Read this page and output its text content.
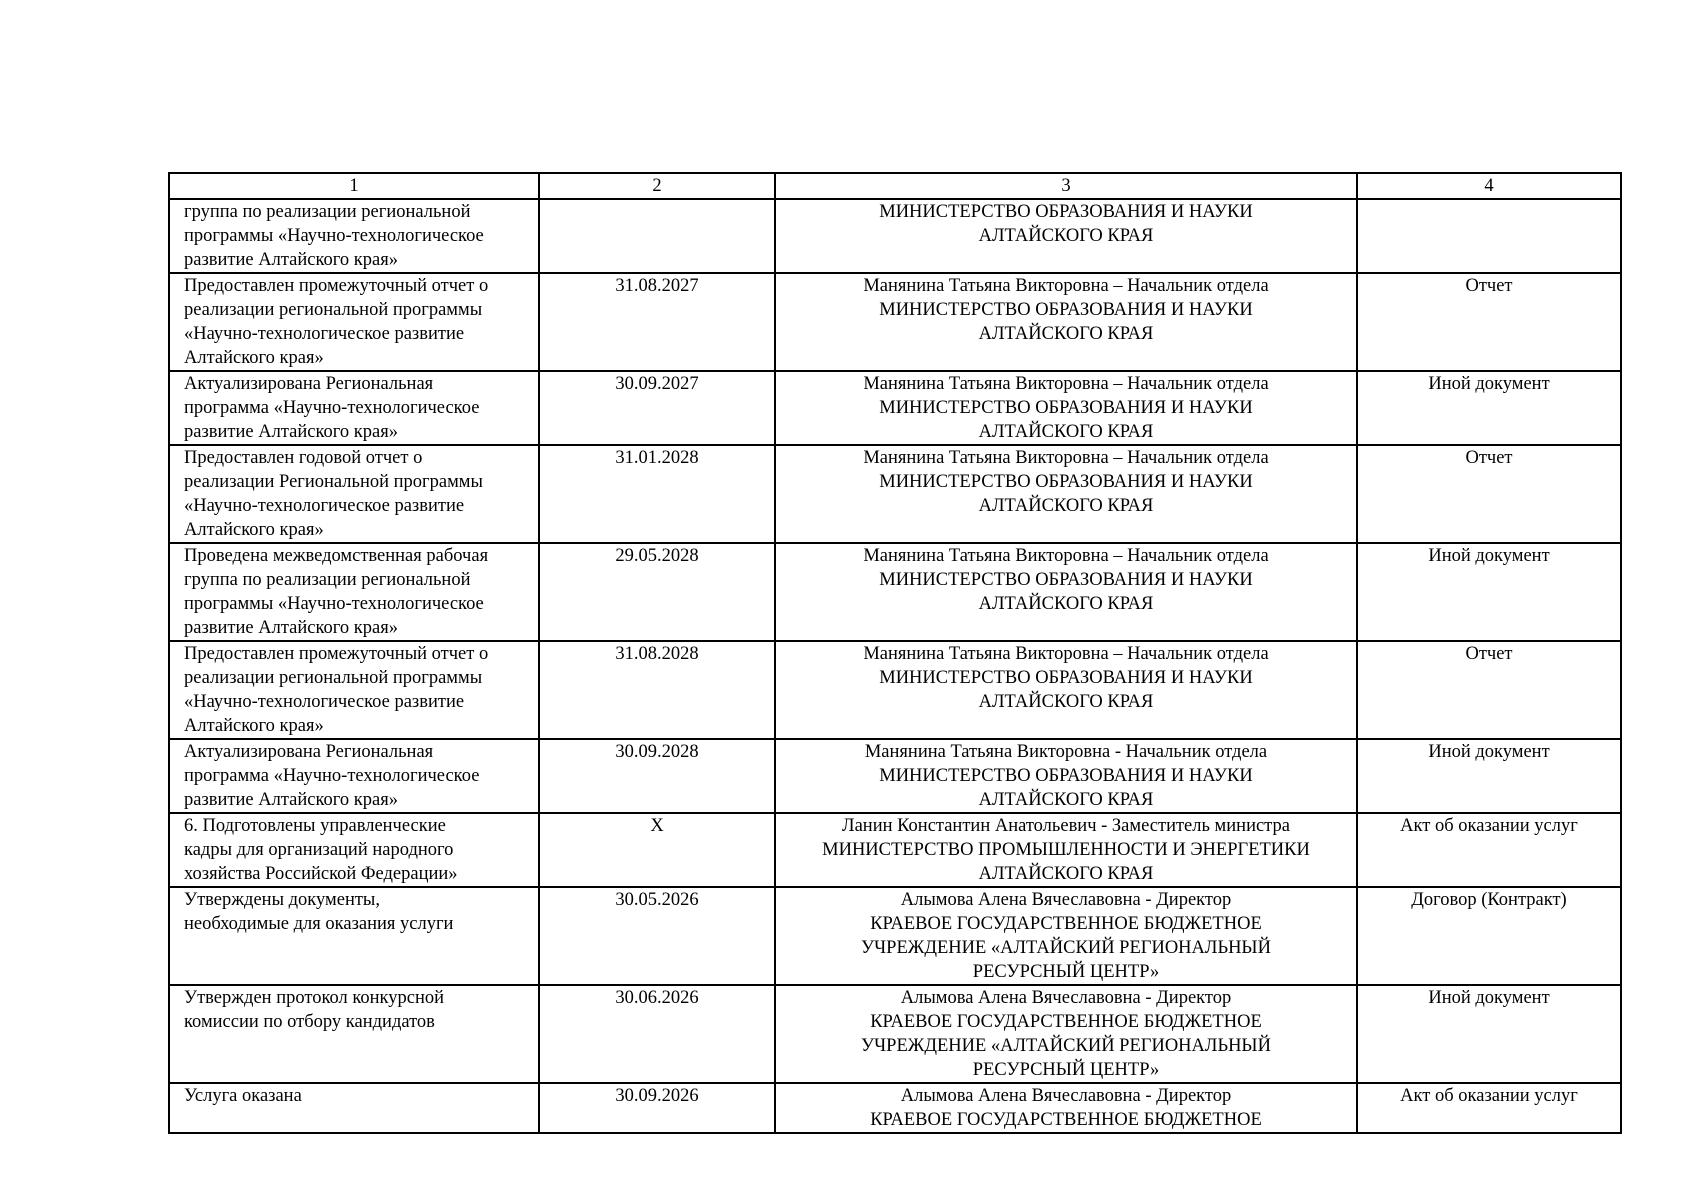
1	2	3	4

группа по реализации региональной
программы «Научно-технологическое
развитие Алтайского края»		МИНИСТЕРСТВО ОБРАЗОВАНИЯ И НАУКИ
АЛТАЙСКОГО КРАЯ	

Предоставлен промежуточный отчет о
реализации региональной программы
«Научно-технологическое развитие
Алтайского края»	31.08.2027	Манянина Татьяна Викторовна – Начальник отдела
МИНИСТЕРСТВО ОБРАЗОВАНИЯ И НАУКИ
АЛТАЙСКОГО КРАЯ	Отчет

Актуализирована Региональная
программа «Научно-технологическое
развитие Алтайского края»	30.09.2027	Манянина Татьяна Викторовна – Начальник отдела
МИНИСТЕРСТВО ОБРАЗОВАНИЯ И НАУКИ
АЛТАЙСКОГО КРАЯ	Иной документ

Предоставлен годовой отчет о
реализации Региональной программы
«Научно-технологическое развитие
Алтайского края»	31.01.2028	Манянина Татьяна Викторовна – Начальник отдела
МИНИСТЕРСТВО ОБРАЗОВАНИЯ И НАУКИ
АЛТАЙСКОГО КРАЯ	Отчет

Проведена межведомственная рабочая
группа по реализации региональной
программы «Научно-технологическое
развитие Алтайского края»	29.05.2028	Манянина Татьяна Викторовна – Начальник отдела
МИНИСТЕРСТВО ОБРАЗОВАНИЯ И НАУКИ
АЛТАЙСКОГО КРАЯ	Иной документ

Предоставлен промежуточный отчет о
реализации региональной программы
«Научно-технологическое развитие
Алтайского края»	31.08.2028	Манянина Татьяна Викторовна – Начальник отдела
МИНИСТЕРСТВО ОБРАЗОВАНИЯ И НАУКИ
АЛТАЙСКОГО КРАЯ	Отчет

Актуализирована Региональная
программа «Научно-технологическое
развитие Алтайского края»	30.09.2028	Манянина Татьяна Викторовна - Начальник отдела
МИНИСТЕРСТВО ОБРАЗОВАНИЯ И НАУКИ
АЛТАЙСКОГО КРАЯ	Иной документ

6. Подготовлены управленческие
кадры для организаций народного
хозяйства Российской Федерации»	X	Ланин Константин Анатольевич - Заместитель министра
МИНИСТЕРСТВО ПРОМЫШЛЕННОСТИ И ЭНЕРГЕТИКИ
АЛТАЙСКОГО КРАЯ	Акт об оказании услуг

Утверждены документы,
необходимые для оказания услуги	30.05.2026	Алымова Алена Вячеславовна - Директор
КРАЕВОЕ ГОСУДАРСТВЕННОЕ БЮДЖЕТНОЕ
УЧРЕЖДЕНИЕ «АЛТАЙСКИЙ РЕГИОНАЛЬНЫЙ
РЕСУРСНЫЙ ЦЕНТР»	Договор (Контракт)

Утвержден протокол конкурсной
комиссии по отбору кандидатов	30.06.2026	Алымова Алена Вячеславовна - Директор
КРАЕВОЕ ГОСУДАРСТВЕННОЕ БЮДЖЕТНОЕ
УЧРЕЖДЕНИЕ «АЛТАЙСКИЙ РЕГИОНАЛЬНЫЙ
РЕСУРСНЫЙ ЦЕНТР»	Иной документ

Услуга оказана	30.09.2026	Алымова Алена Вячеславовна - Директор
КРАЕВОЕ ГОСУДАРСТВЕННОЕ БЮДЖЕТНОЕ	Акт об оказании услуг
